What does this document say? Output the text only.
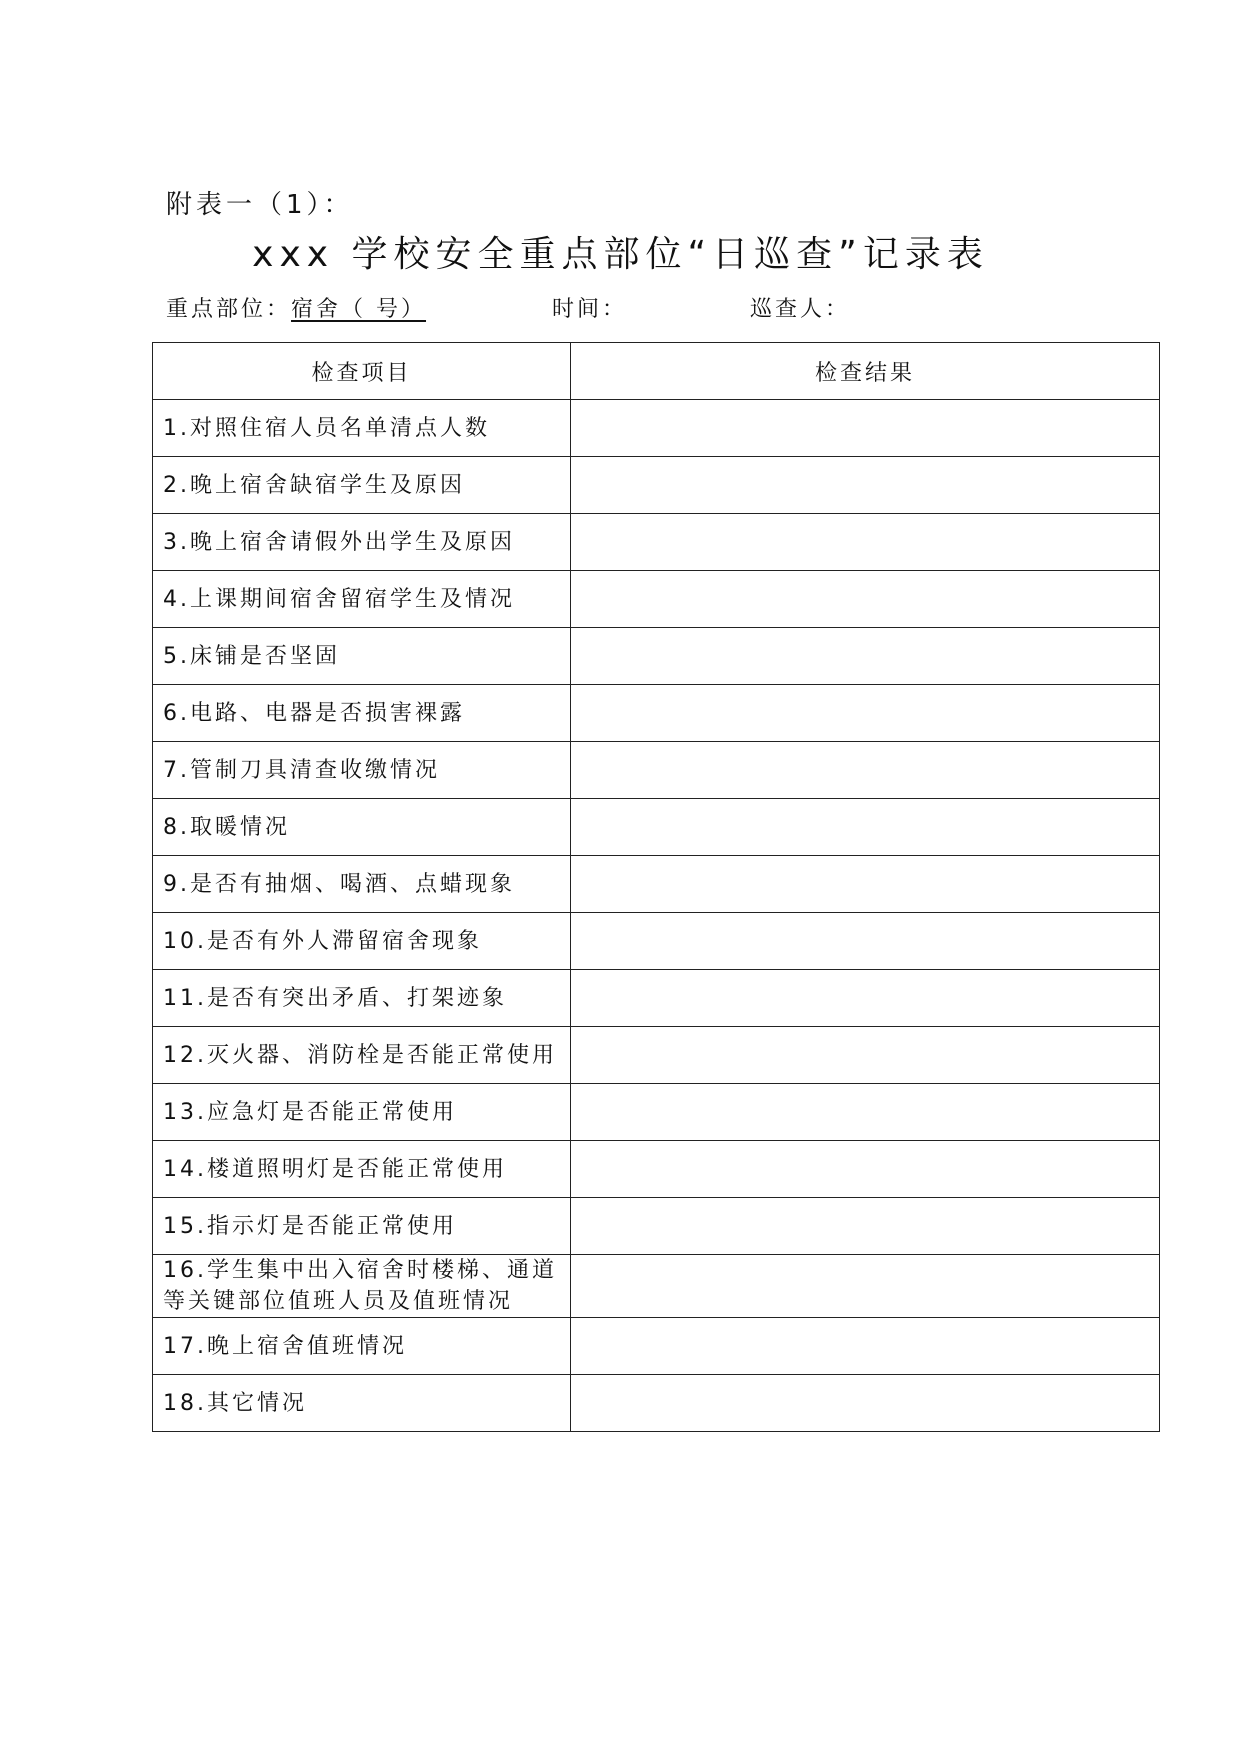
附表一（1）：
xxx 学校安全重点部位“日巡查”记录表
重点部位：宿舍（ 号）	时间：	巡查人：
检查项目	检查结果
1.对照住宿人员名单清点人数	
2.晚上宿舍缺宿学生及原因	
3.晚上宿舍请假外出学生及原因	
4.上课期间宿舍留宿学生及情况	
5.床铺是否坚固	
6.电路、电器是否损害裸露	
7.管制刀具清查收缴情况	
8.取暖情况	
9.是否有抽烟、喝酒、点蜡现象	
10.是否有外人滞留宿舍现象	
11.是否有突出矛盾、打架迹象	
12.灭火器、消防栓是否能正常使用	
13.应急灯是否能正常使用	
14.楼道照明灯是否能正常使用	
15.指示灯是否能正常使用	
16.学生集中出入宿舍时楼梯、通道等关键部位值班人员及值班情况	
17.晚上宿舍值班情况	
18.其它情况	
